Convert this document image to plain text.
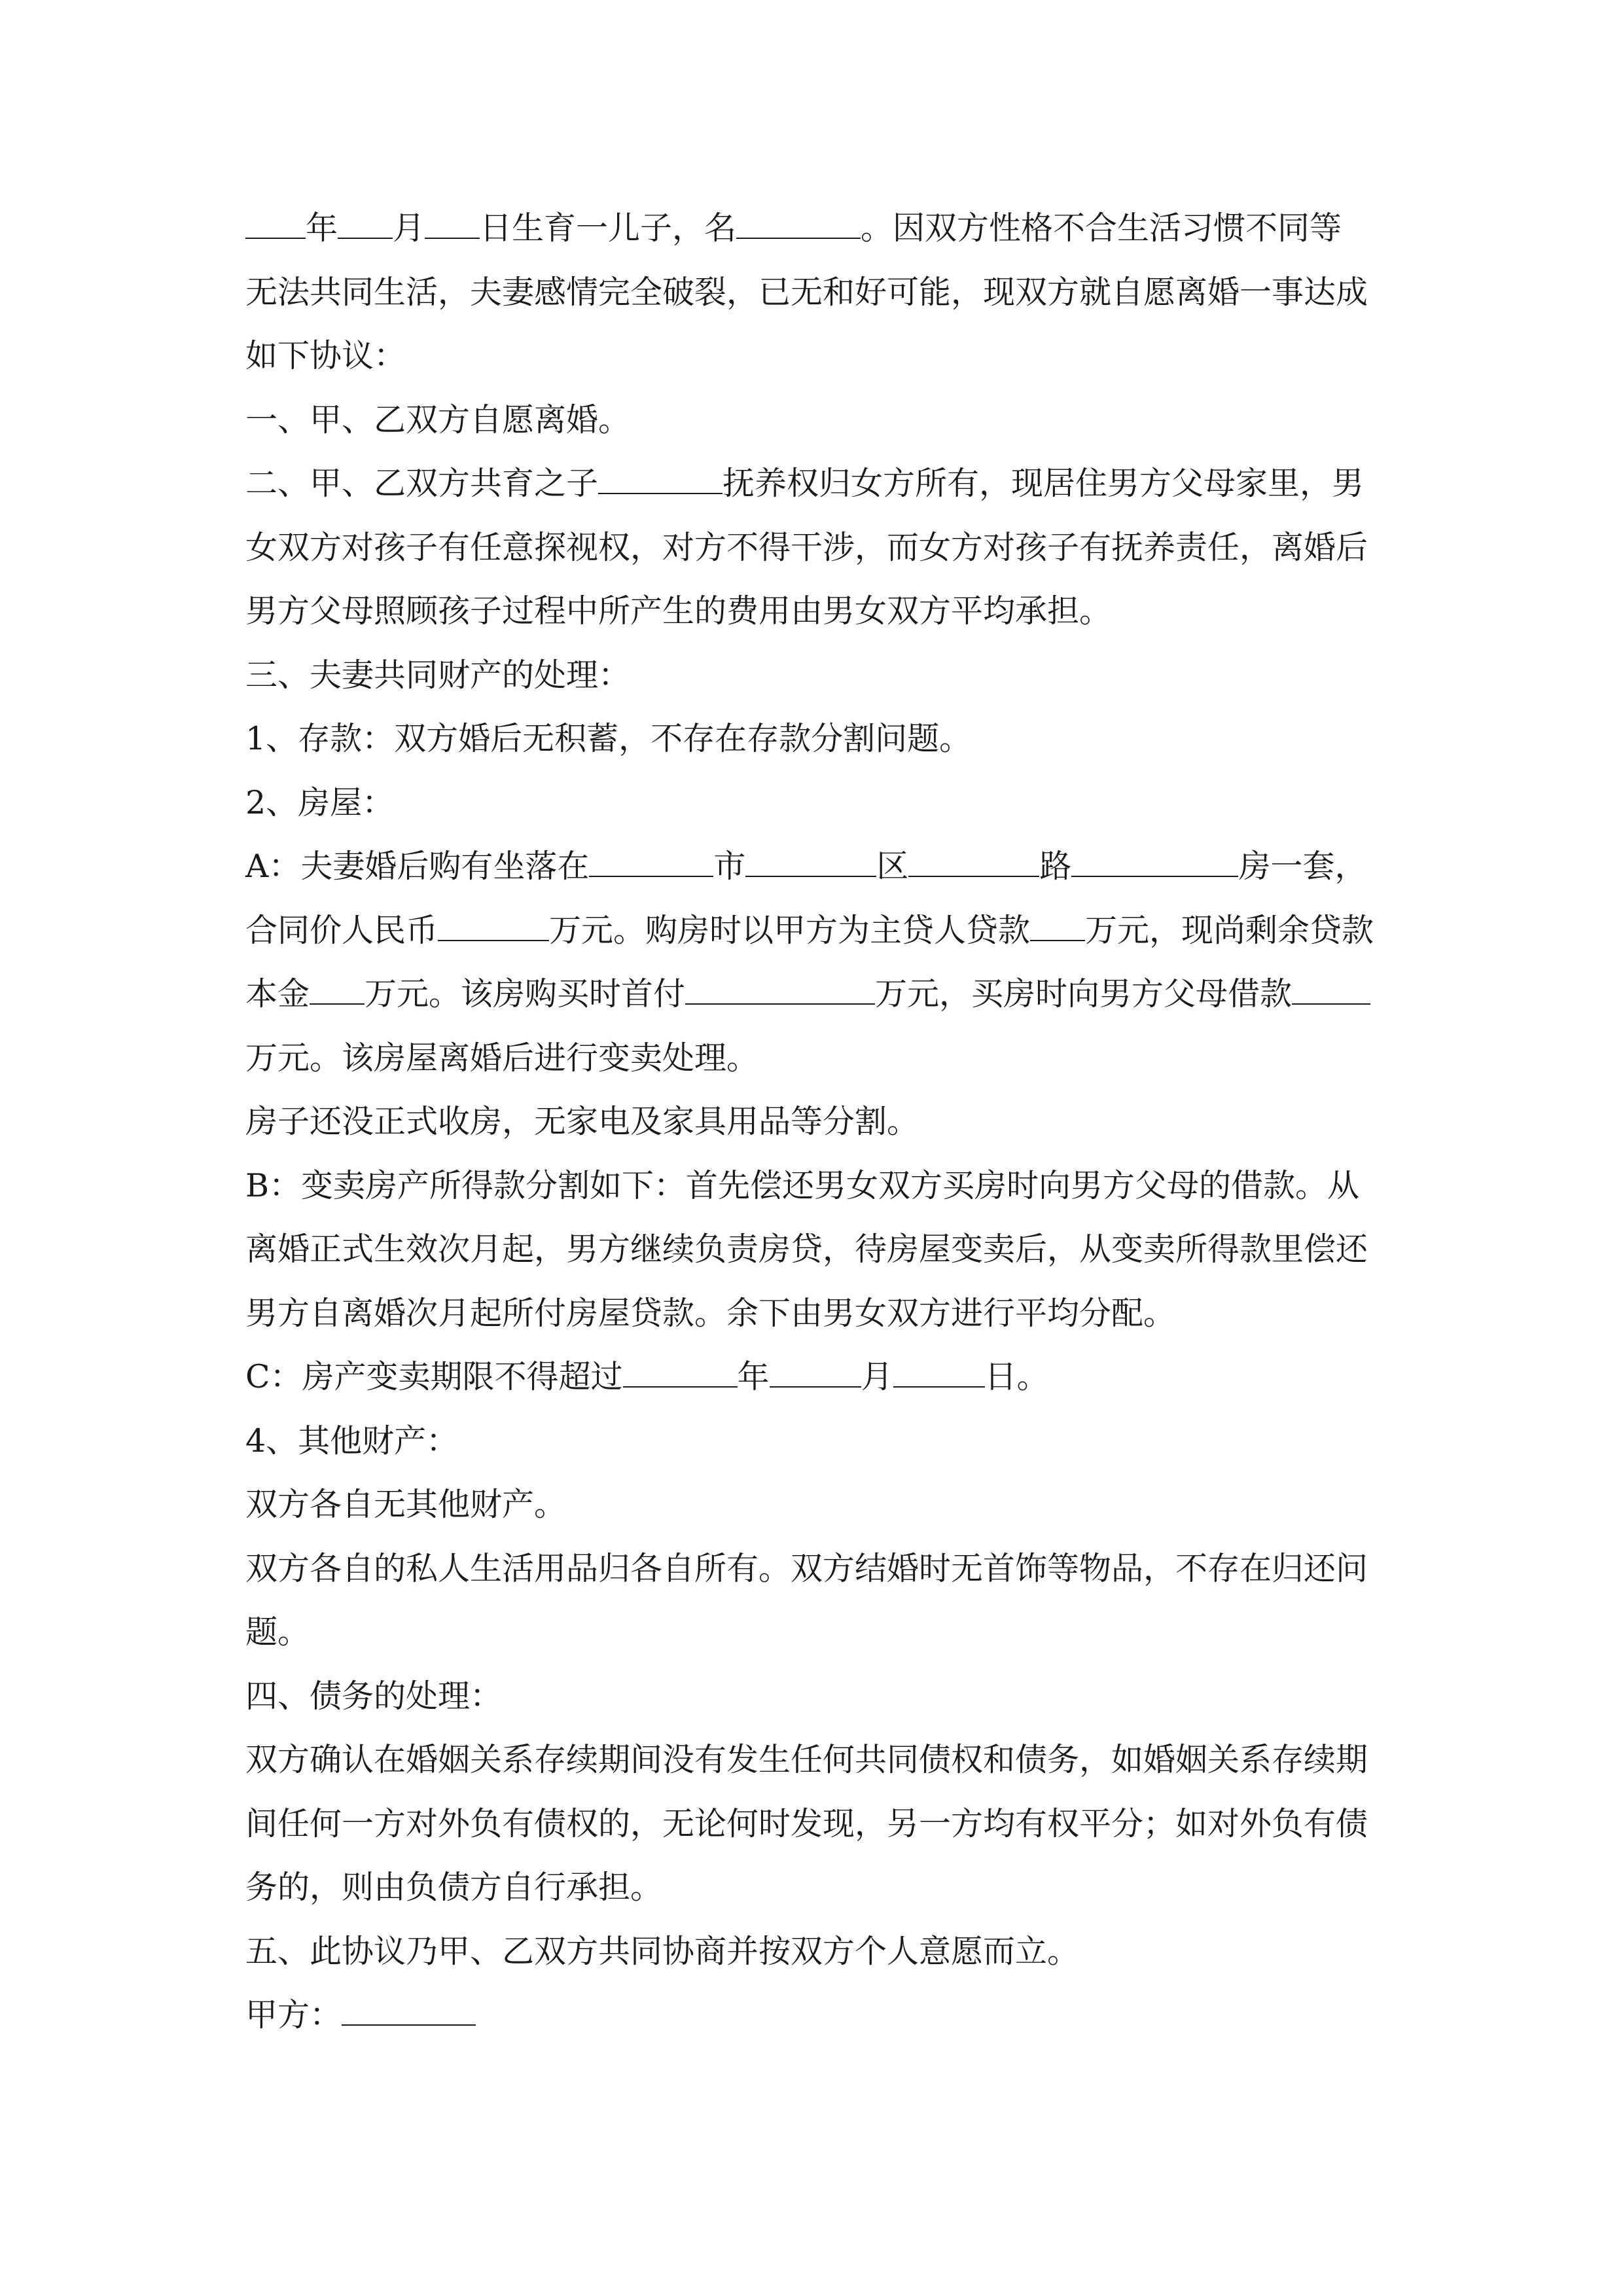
年 月 日生育一儿子，名	。因双方性格不合生活习惯不同等
无法共同生活，夫妻感情完全破裂，已无和好可能，现双方就自愿离婚一事达成
如下协议：
一、甲、乙双方自愿离婚。
二、甲、乙双方共育之子	抚养权归女方所有，现居住男方父母家里，男
女双方对孩子有任意探视权，对方不得干涉，而女方对孩子有抚养责任，离婚后
男方父母照顾孩子过程中所产生的费用由男女双方平均承担。
三、夫妻共同财产的处理：
1、存款：双方婚后无积蓄，不存在存款分割问题。
2、房屋：
A：夫妻婚后购有坐落在	市	区	路	房一套，
合同价人民币	万元。购房时以甲方为主贷人贷款 万元，现尚剩余贷款
本金 万元。该房购买时首付	万元，买房时向男方父母借款
万元。该房屋离婚后进行变卖处理。
房子还没正式收房，无家电及家具用品等分割。
B：变卖房产所得款分割如下：首先偿还男女双方买房时向男方父母的借款。从
离婚正式生效次月起，男方继续负责房贷，待房屋变卖后，从变卖所得款里偿还
男方自离婚次月起所付房屋贷款。余下由男女双方进行平均分配。
C：房产变卖期限不得超过	年	月	日。
4、其他财产：
双方各自无其他财产。
双方各自的私人生活用品归各自所有。双方结婚时无首饰等物品，不存在归还问
题。
四、债务的处理：
双方确认在婚姻关系存续期间没有发生任何共同债权和债务，如婚姻关系存续期
间任何一方对外负有债权的，无论何时发现，另一方均有权平分；如对外负有债
务的，则由负债方自行承担。
五、此协议乃甲、乙双方共同协商并按双方个人意愿而立。
甲方：
